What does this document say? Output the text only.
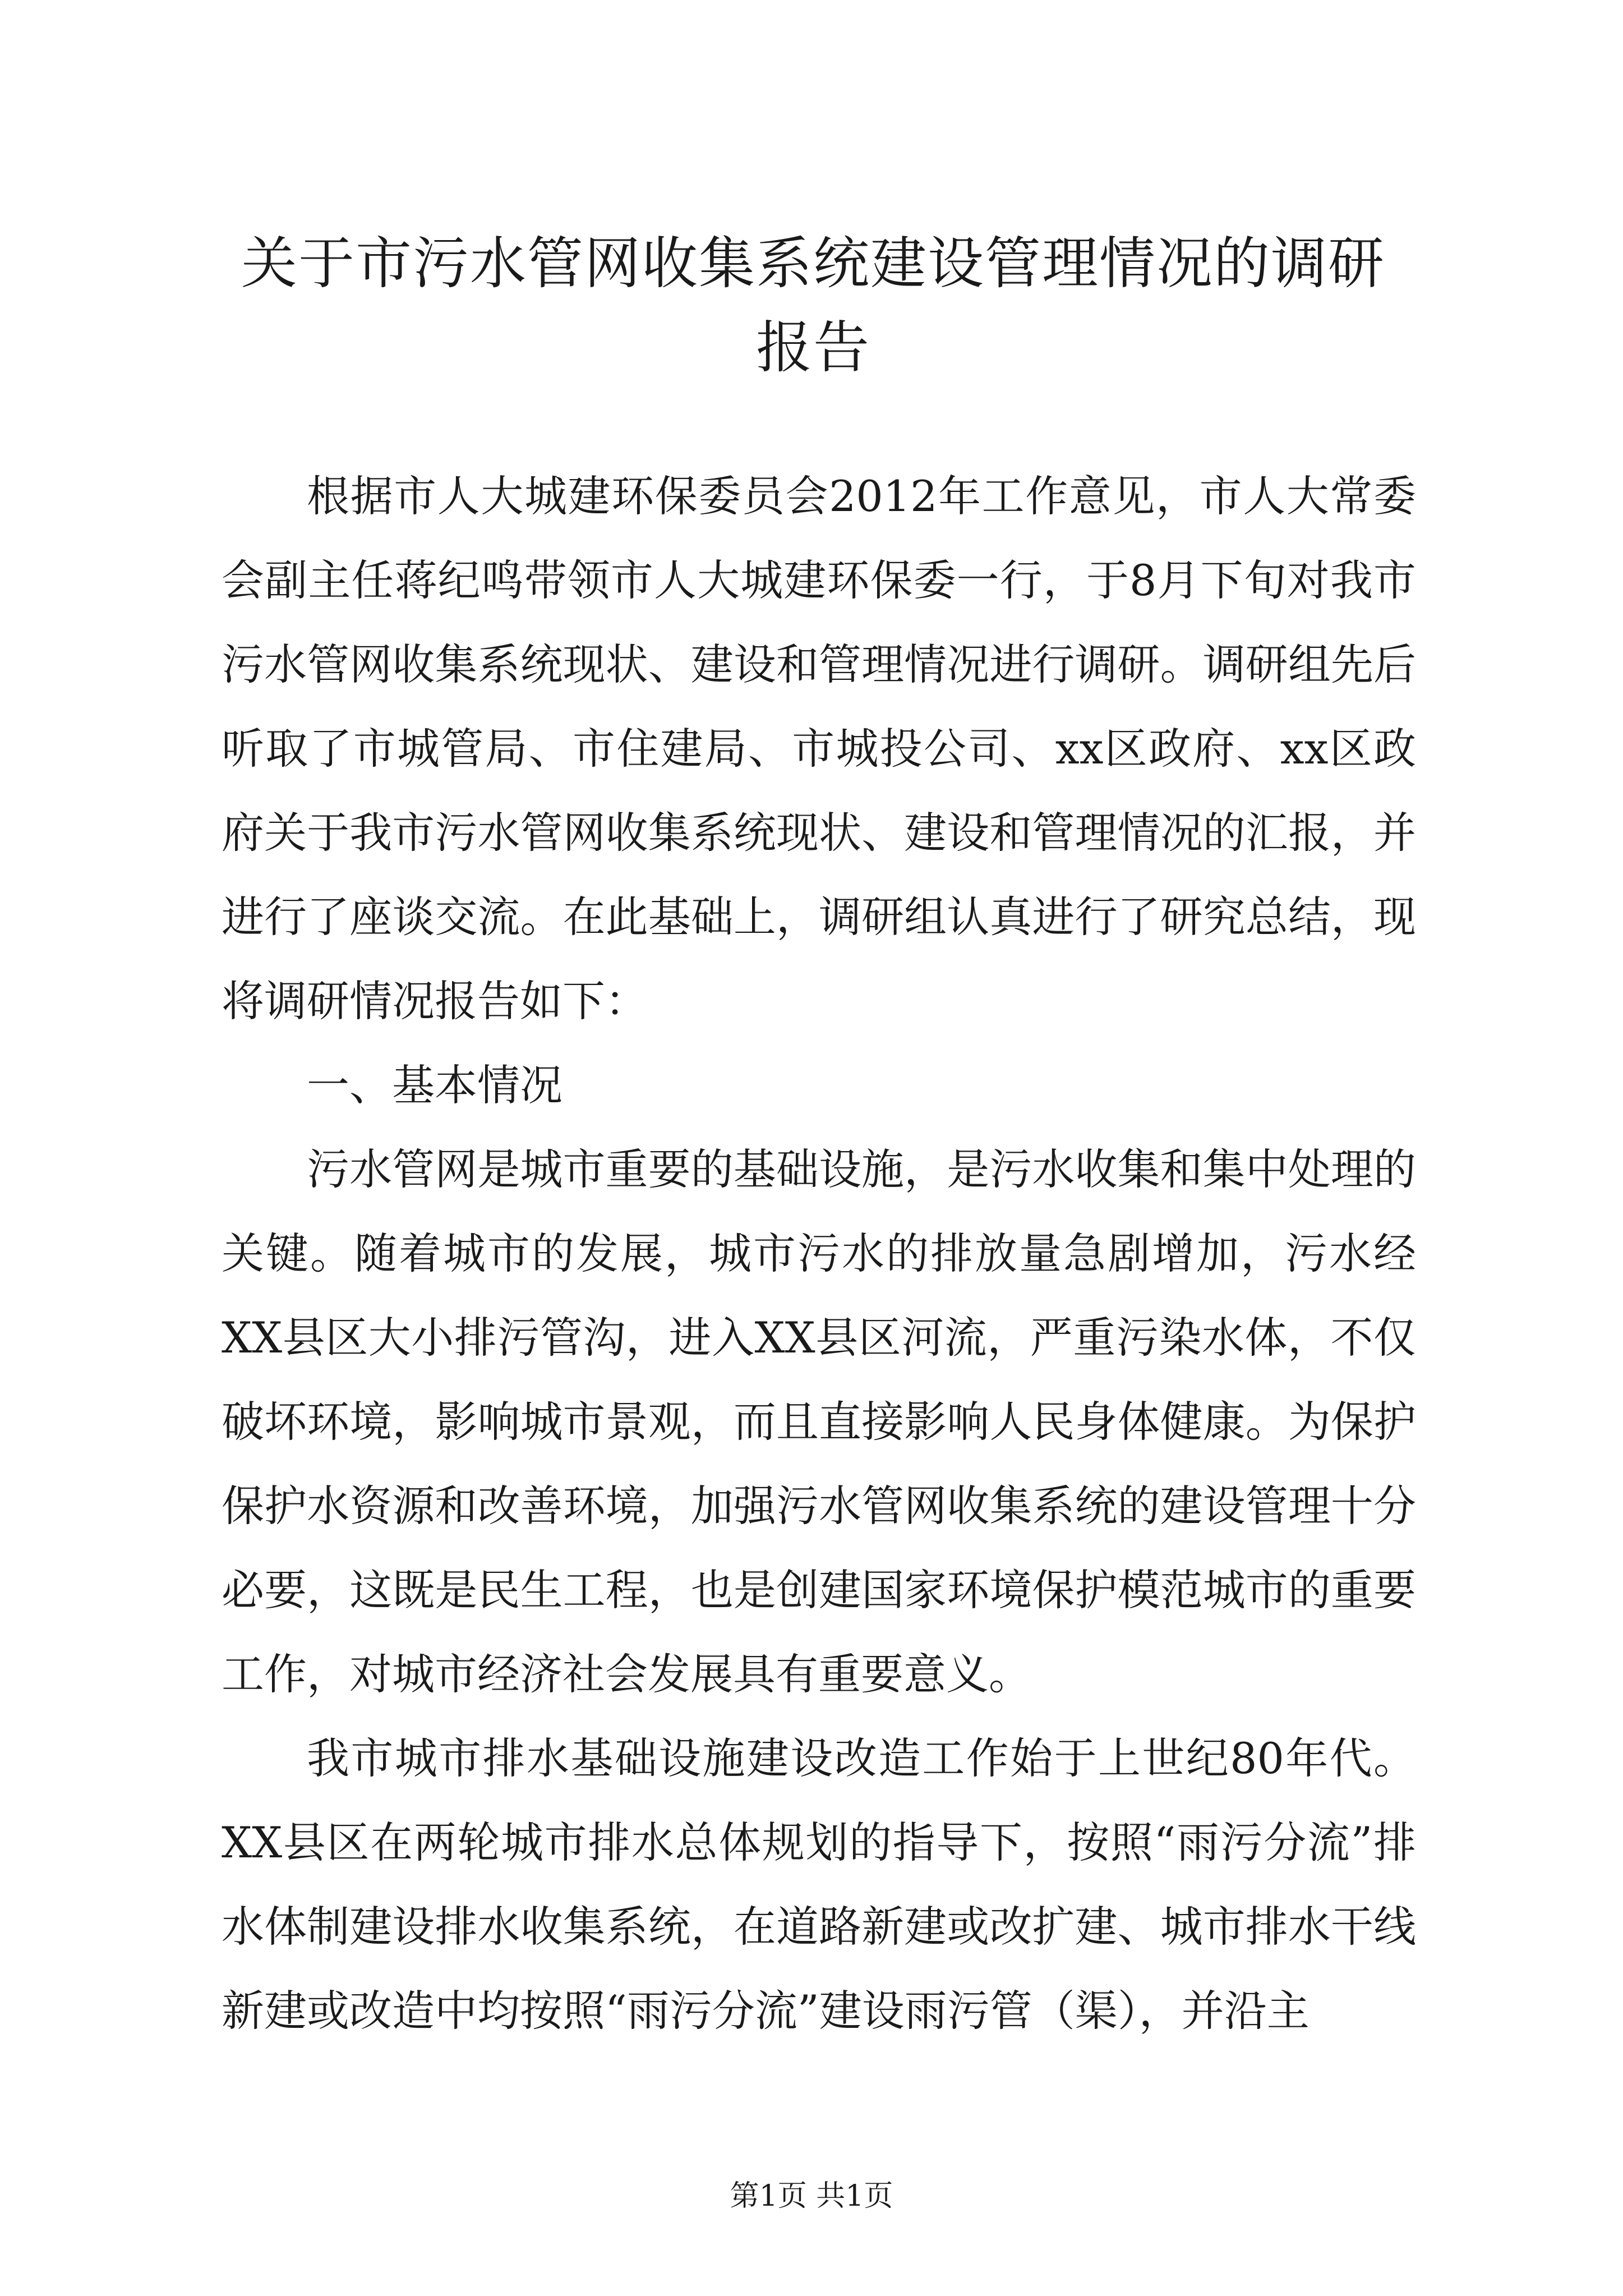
关于市污水管网收集系统建设管理情况的调研报告

根据市人大城建环保委员会2012年工作意见，市人大常委会副主任蒋纪鸣带领市人大城建环保委一行，于8月下旬对我市污水管网收集系统现状、建设和管理情况进行调研。调研组先后听取了市城管局、市住建局、市城投公司、xx区政府、xx区政府关于我市污水管网收集系统现状、建设和管理情况的汇报，并进行了座谈交流。在此基础上，调研组认真进行了研究总结，现将调研情况报告如下：

一、基本情况

污水管网是城市重要的基础设施，是污水收集和集中处理的关键。随着城市的发展，城市污水的排放量急剧增加，污水经XX县区大小排污管沟，进入XX县区河流，严重污染水体，不仅破坏环境，影响城市景观，而且直接影响人民身体健康。为保护保护水资源和改善环境，加强污水管网收集系统的建设管理十分必要，这既是民生工程，也是创建国家环境保护模范城市的重要工作，对城市经济社会发展具有重要意义。

我市城市排水基础设施建设改造工作始于上世纪80年代。XX县区在两轮城市排水总体规划的指导下，按照“雨污分流”排水体制建设排水收集系统，在道路新建或改扩建、城市排水干线新建或改造中均按照“雨污分流”建设雨污管（渠），并沿主

第1页 共1页
